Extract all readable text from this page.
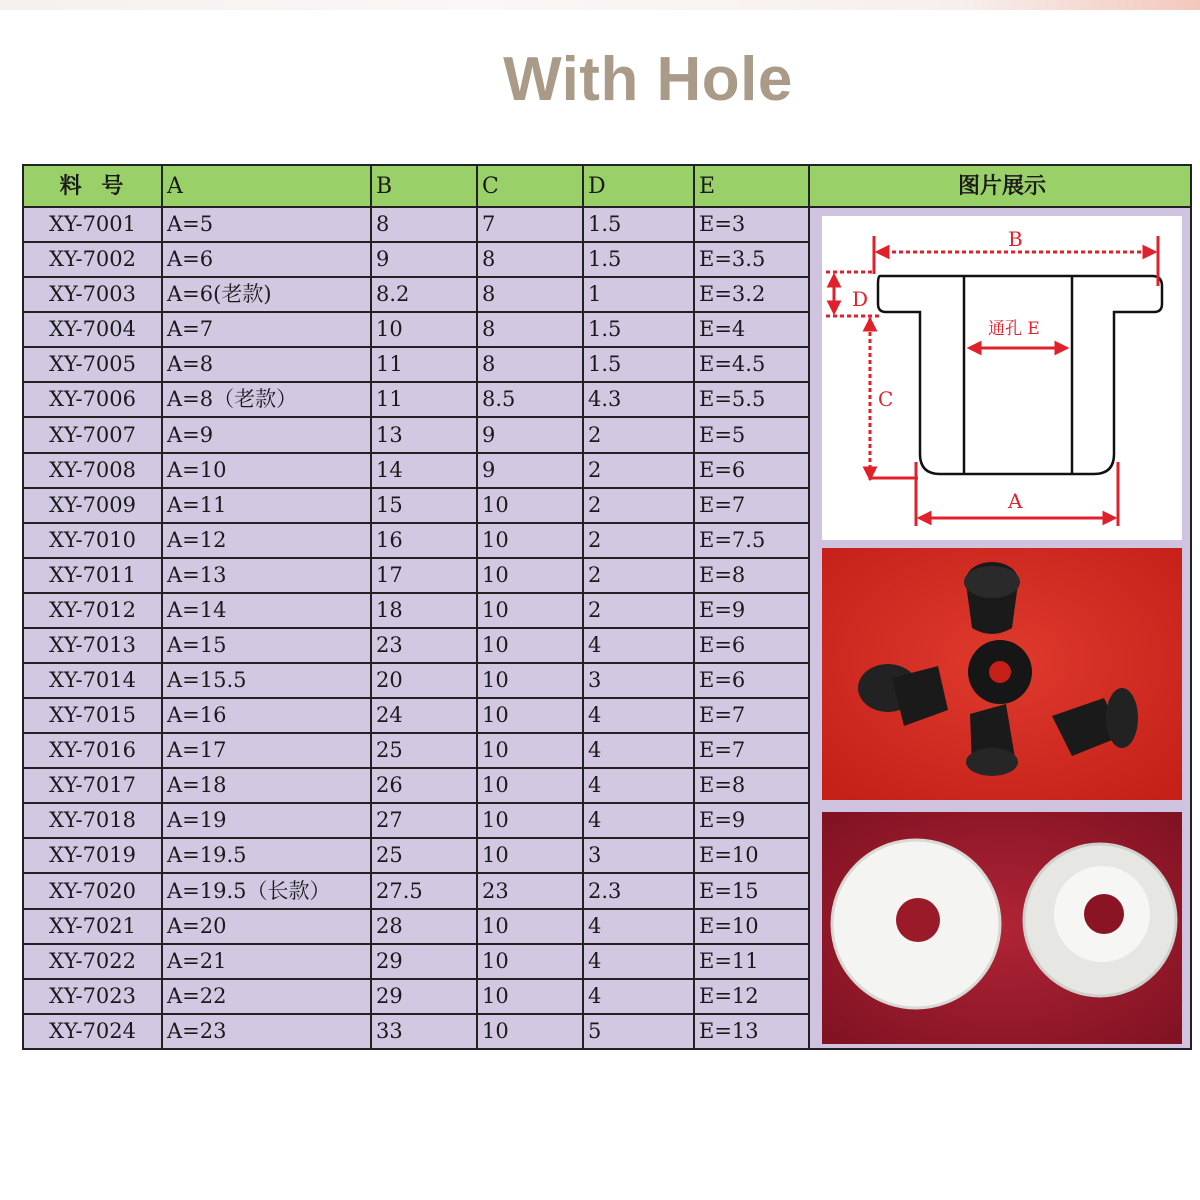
With Hole
料 号	A	B	C	D	E	图片展示
XY-7001	A=5	8	7	1.5	E=3	B
D
C
通孔 E
A

XY-7002	A=6	9	8	1.5	E=3.5	
XY-7003	A=6(老款)	8.2	8	1	E=3.2	
XY-7004	A=7	10	8	1.5	E=4	
XY-7005	A=8	11	8	1.5	E=4.5	
XY-7006	A=8（老款）	11	8.5	4.3	E=5.5	
XY-7007	A=9	13	9	2	E=5	
XY-7008	A=10	14	9	2	E=6	
XY-7009	A=11	15	10	2	E=7	
XY-7010	A=12	16	10	2	E=7.5	
XY-7011	A=13	17	10	2	E=8	
XY-7012	A=14	18	10	2	E=9	
XY-7013	A=15	23	10	4	E=6	
XY-7014	A=15.5	20	10	3	E=6	
XY-7015	A=16	24	10	4	E=7	
XY-7016	A=17	25	10	4	E=7	
XY-7017	A=18	26	10	4	E=8	
XY-7018	A=19	27	10	4	E=9	
XY-7019	A=19.5	25	10	3	E=10	
XY-7020	A=19.5（长款）	27.5	23	2.3	E=15	
XY-7021	A=20	28	10	4	E=10	
XY-7022	A=21	29	10	4	E=11	
XY-7023	A=22	29	10	4	E=12	
XY-7024	A=23	33	10	5	E=13	
